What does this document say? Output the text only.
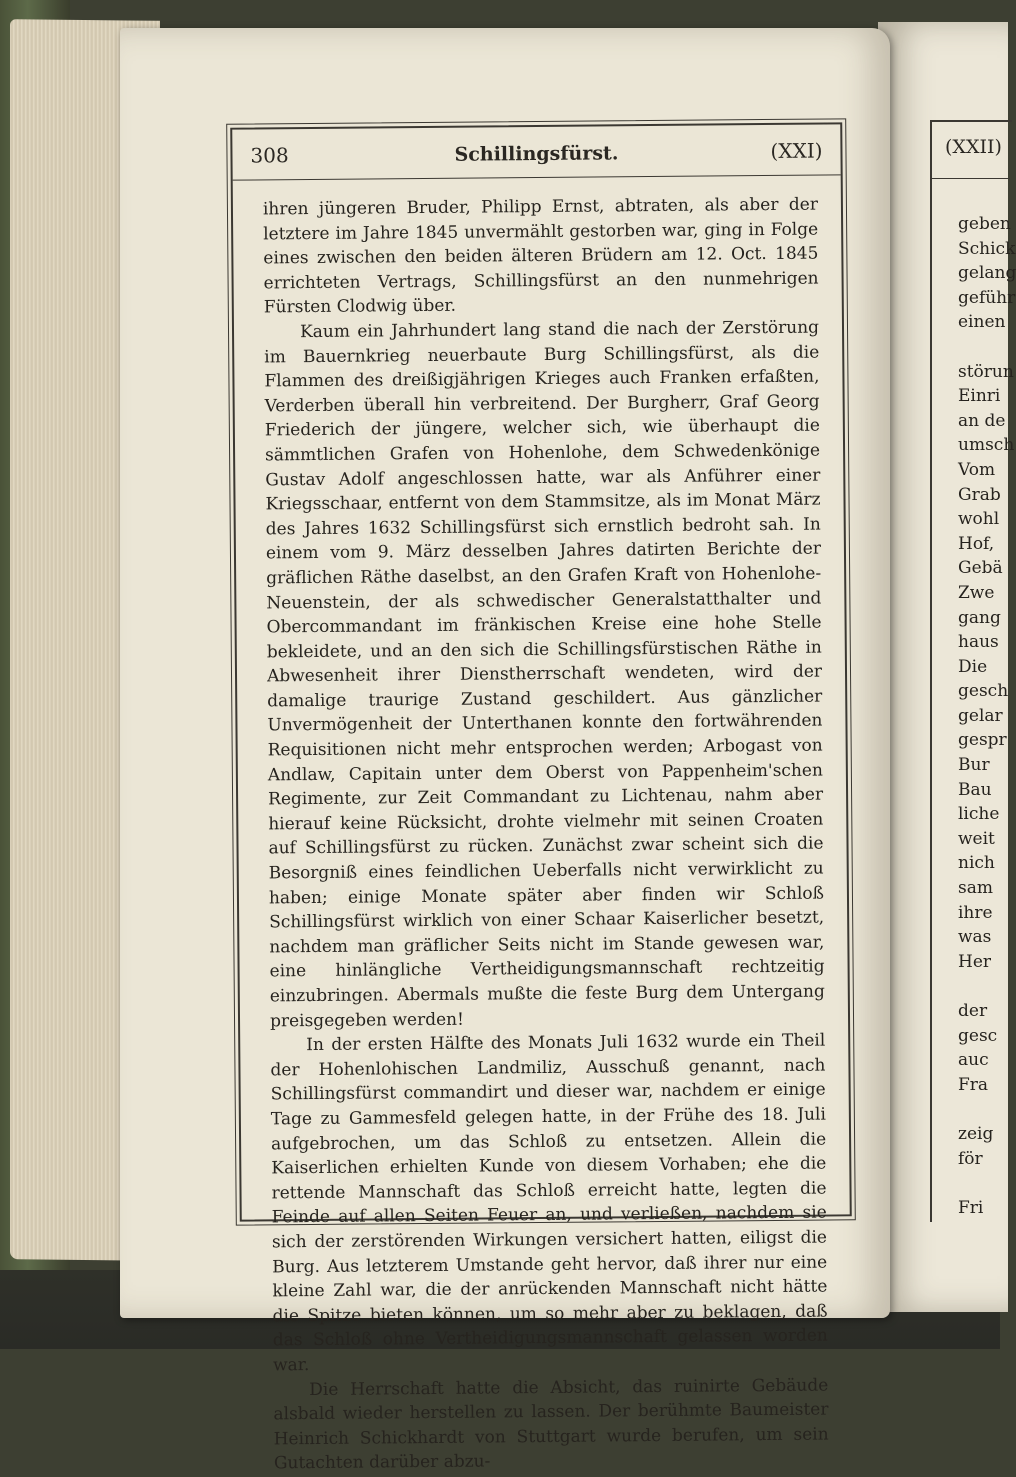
(XXII)
geben
Schick
gelang
geführ
einen
störun
Einri
an de
umsch
Vom
Grab
wohl
Hof,
Gebä
Zwe
gang
haus
Die
gesch
gelar
gespr
Bur
Bau
liche
weit
nich
sam
ihre
was
Her
der
gesc
auc
Fra
zeig
för
Fri
308	Schillingsfürst.	(XXI)

ihren jüngeren Bruder, Philipp Ernst, abtraten, als aber der letztere im Jahre 1845 unvermählt gestorben war, ging in Folge eines zwischen den beiden älteren Brüdern am 12. Oct. 1845 errichteten Vertrags, Schillingsfürst an den nunmehrigen Fürsten Clodwig über.

Kaum ein Jahrhundert lang stand die nach der Zerstörung im Bauernkrieg neuerbaute Burg Schillingsfürst, als die Flammen des dreißigjährigen Krieges auch Franken erfaßten, Verderben überall hin verbreitend. Der Burgherr, Graf Georg Friederich der jüngere, welcher sich, wie überhaupt die sämmtlichen Grafen von Hohenlohe, dem Schwedenkönige Gustav Adolf angeschlossen hatte, war als Anführer einer Kriegsschaar, entfernt von dem Stammsitze, als im Monat März des Jahres 1632 Schillingsfürst sich ernstlich bedroht sah. In einem vom 9. März desselben Jahres datirten Berichte der gräflichen Räthe daselbst, an den Grafen Kraft von Hohenlohe-Neuenstein, der als schwedischer Generalstatthalter und Obercommandant im fränkischen Kreise eine hohe Stelle bekleidete, und an den sich die Schillingsfürstischen Räthe in Abwesenheit ihrer Dienstherrschaft wendeten, wird der damalige traurige Zustand geschildert. Aus gänzlicher Unvermögenheit der Unterthanen konnte den fortwährenden Requisitionen nicht mehr entsprochen werden; Arbogast von Andlaw, Capitain unter dem Oberst von Pappenheim'schen Regimente, zur Zeit Commandant zu Lichtenau, nahm aber hierauf keine Rücksicht, drohte vielmehr mit seinen Croaten auf Schillingsfürst zu rücken. Zunächst zwar scheint sich die Besorgniß eines feindlichen Ueberfalls nicht verwirklicht zu haben; einige Monate später aber finden wir Schloß Schillingsfürst wirklich von einer Schaar Kaiserlicher besetzt, nachdem man gräflicher Seits nicht im Stande gewesen war, eine hinlängliche Vertheidigungsmannschaft rechtzeitig einzubringen. Abermals mußte die feste Burg dem Untergang preisgegeben werden!

In der ersten Hälfte des Monats Juli 1632 wurde ein Theil der Hohenlohischen Landmiliz, Ausschuß genannt, nach Schillingsfürst commandirt und dieser war, nachdem er einige Tage zu Gammesfeld gelegen hatte, in der Frühe des 18. Juli aufgebrochen, um das Schloß zu entsetzen. Allein die Kaiserlichen erhielten Kunde von diesem Vorhaben; ehe die rettende Mannschaft das Schloß erreicht hatte, legten die Feinde auf allen Seiten Feuer an, und verließen, nachdem sie sich der zerstörenden Wirkungen versichert hatten, eiligst die Burg. Aus letzterem Umstande geht hervor, daß ihrer nur eine kleine Zahl war, die der anrückenden Mannschaft nicht hätte die Spitze bieten können, um so mehr aber zu beklagen, daß das Schloß ohne Vertheidigungsmannschaft gelassen worden war.

Die Herrschaft hatte die Absicht, das ruinirte Gebäude alsbald wieder herstellen zu lassen. Der berühmte Baumeister Heinrich Schickhardt von Stuttgart wurde berufen, um sein Gutachten darüber abzu-
